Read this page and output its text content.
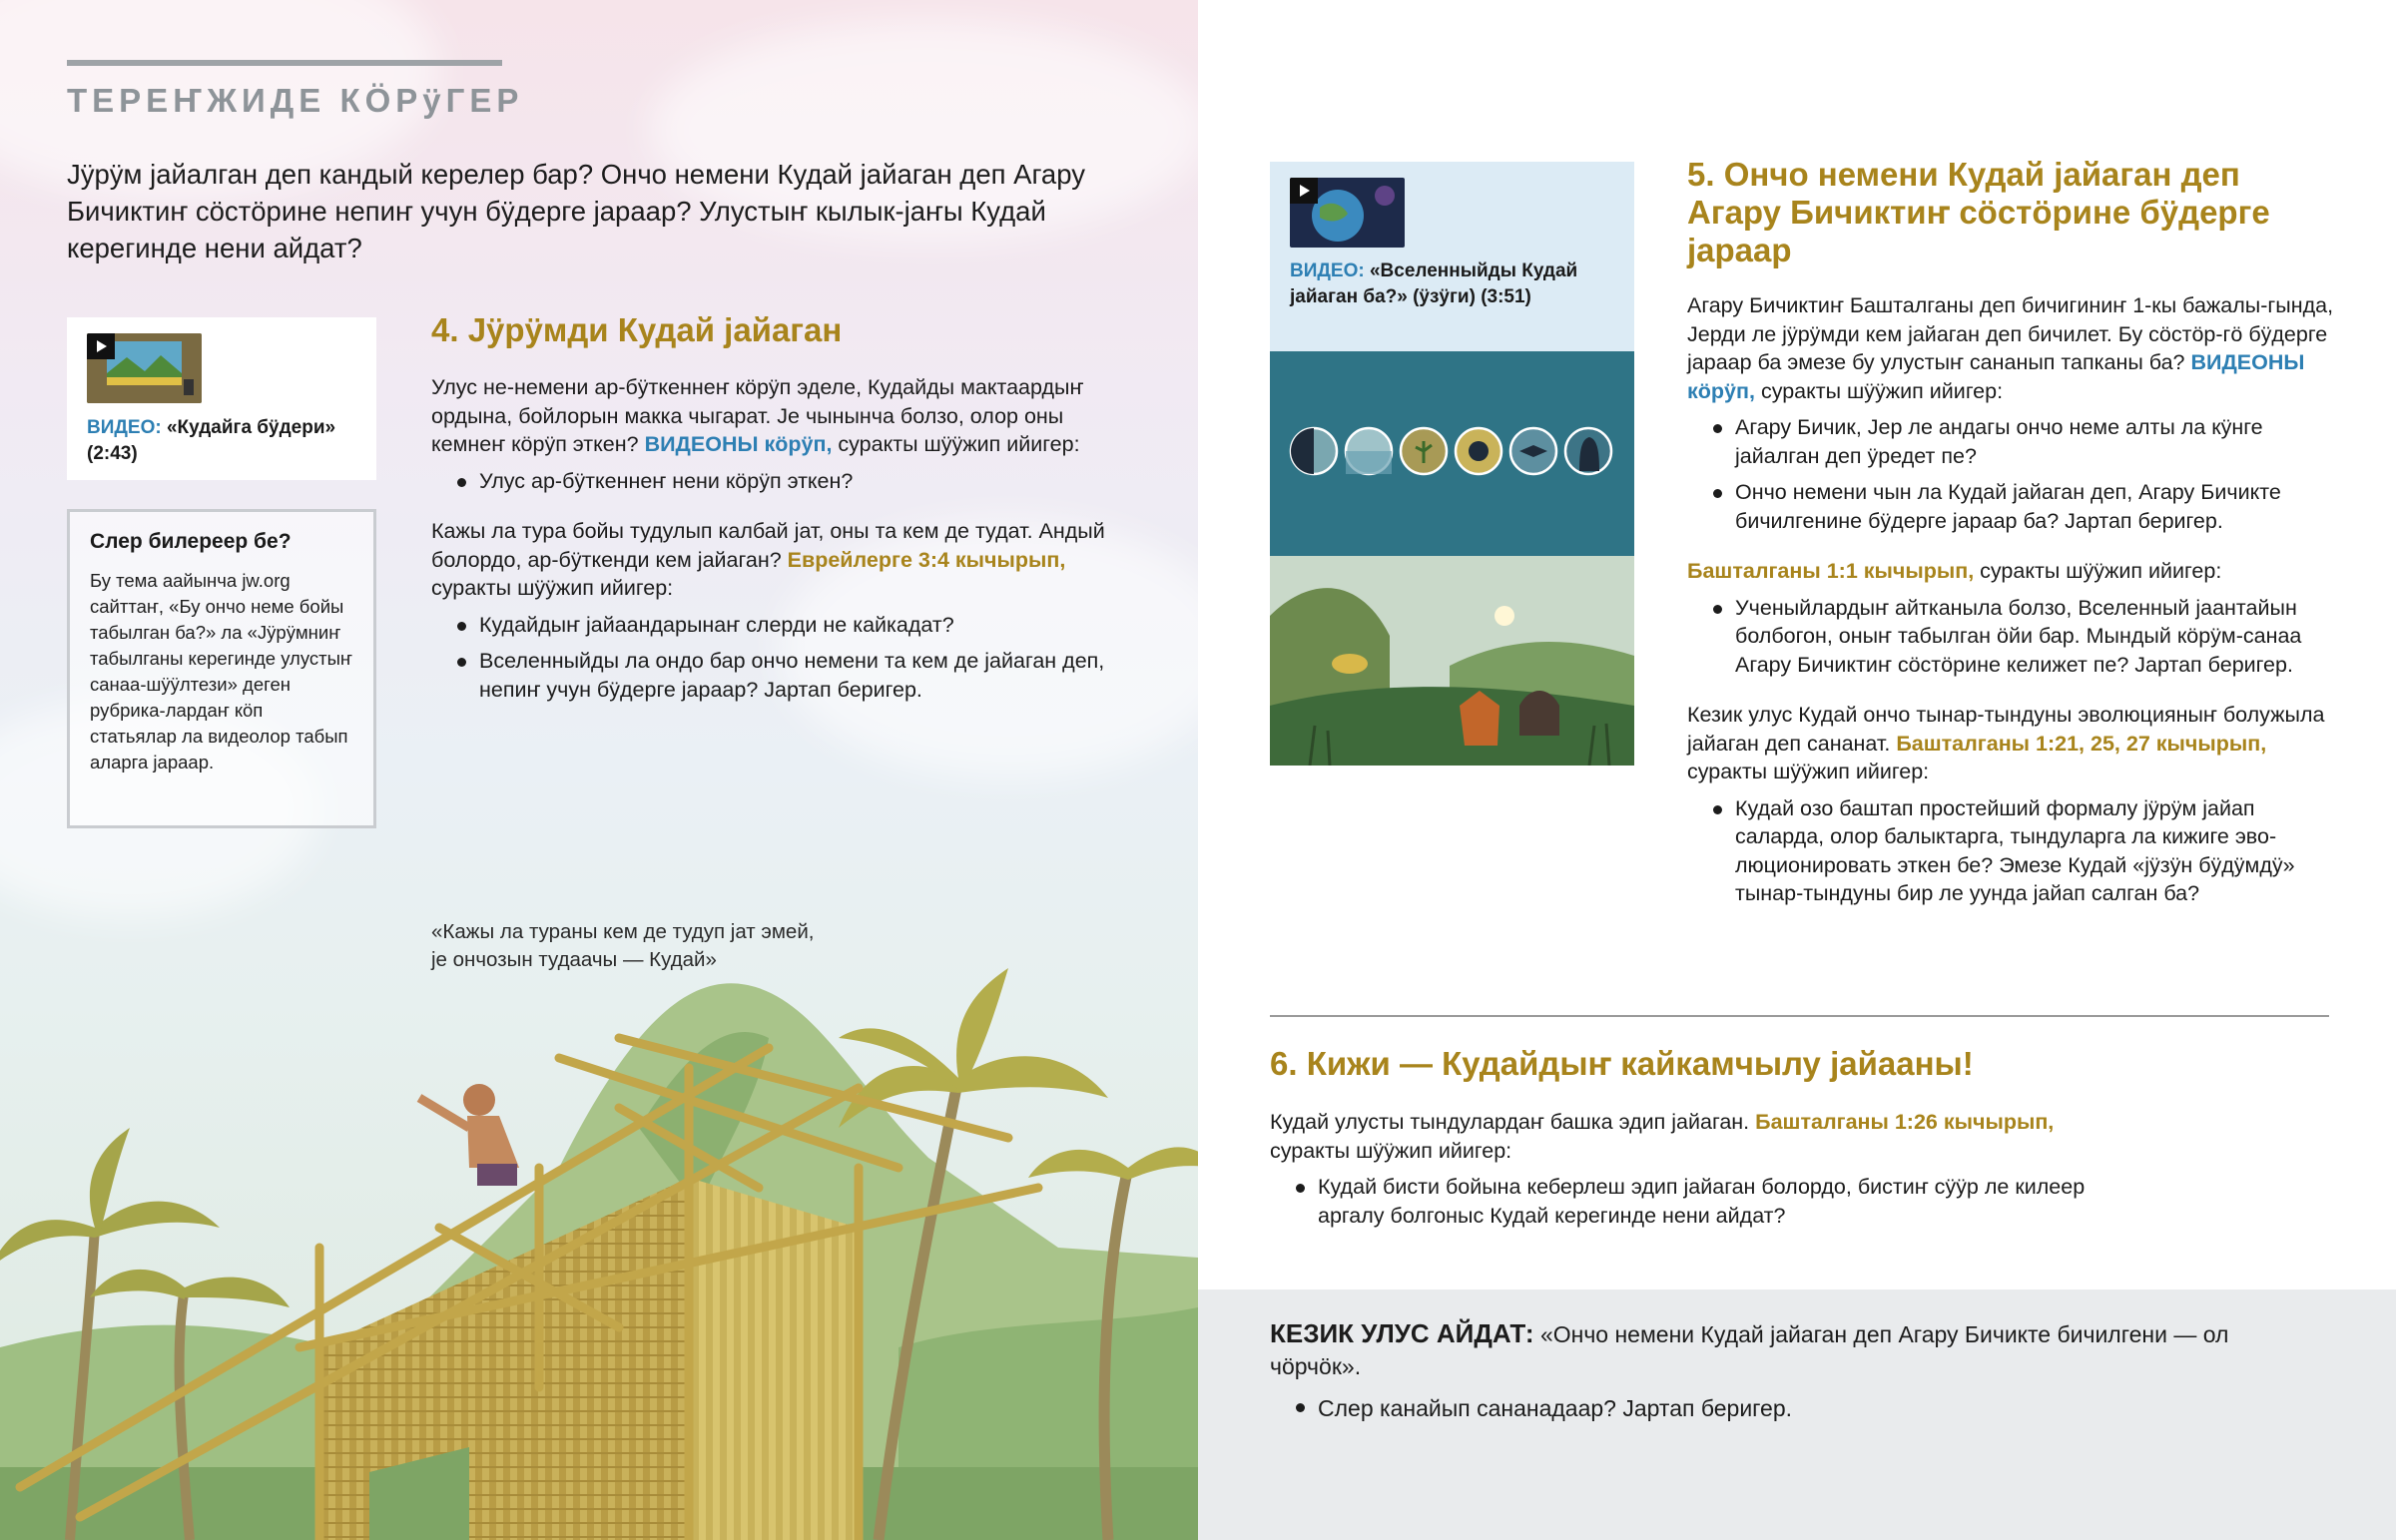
ТЕРЕҤЖИДЕ КӦРÿГЕР
Јÿрÿм јайалган деп кандый керелер бар? Ончо немени Кудай јайаган деп Агару Бичиктиҥ сӧстӧрине непиҥ учун бÿдерге јараар? Улустыҥ кылык-јаҥы Кудай керегинде нени айдат?
ВИДЕО: «Кудайга бÿдери»
(2:43)
Слер билереер бе?
Бу тема аайынча jw.org сайттаҥ, «Бу ончо неме бойы табылган ба?» ла «Јÿрÿмниҥ табылганы керегинде улустыҥ санаа-шÿÿлтези» деген рубрика-лардаҥ кӧп статьялар ла видеолор табып аларга јараар.
4. Јÿрÿмди Кудай јайаган
Улус не-немени ар-бÿткеннеҥ кӧрÿп эделе, Кудайды мактаардыҥ ордына, бойлорын макка чыгарат. Је чынынча болзо, олор оны кемнеҥ кӧрÿп эткен? ВИДЕОНЫ кӧрÿп, суракты шÿÿжип ийигер:
Улус ар-бÿткеннеҥ нени кӧрÿп эткен?
Кажы ла тура бойы тудулып калбай јат, оны та кем де тудат. Андый болордо, ар-бÿткенди кем јайаган? Еврейлерге 3:4 кычырып, суракты шÿÿжип ийигер:
Кудайдыҥ јайаандарынаҥ слерди не кайкадат?
Вселенныйды ла ондо бар ончо немени та кем де јайаган деп, непиҥ учун бÿдерге јараар? Јартап беригер.
«Кажы ла тураны кем де тудуп јат эмей,
је ончозын тудаачы — Кудай»
ВИДЕО: «Вселенныйды Кудай јайаган ба?» (ÿзÿги) (3:51)
5. Ончо немени Кудай јайаган деп Агару Бичиктиҥ сӧстӧрине бÿдерге јараар
Агару Бичиктиҥ Башталганы деп бичигиниҥ 1-кы бажалы-гында, Јерди ле јÿрÿмди кем јайаган деп бичилет. Бу сӧстӧр-гӧ бÿдерге јараар ба эмезе бу улустыҥ сананып тапканы ба? ВИДЕОНЫ кӧрÿп, суракты шÿÿжип ийигер:
Агару Бичик, Јер ле андагы ончо неме алты ла кÿнге јайалган деп ÿредет пе?
Ончо немени чын ла Кудай јайаган деп, Агару Бичикте бичилгенине бÿдерге јараар ба? Јартап беригер.
Башталганы 1:1 кычырып, суракты шÿÿжип ийигер:
Ученыйлардыҥ айтканыла болзо, Вселенный јаантайын болбогон, оныҥ табылган ӧйи бар. Мындый кӧрÿм-санаа Агару Бичиктиҥ сӧстӧрине келижет пе? Јартап беригер.
Кезик улус Кудай ончо тынар-тындуны эволюцияныҥ болужыла јайаган деп сананат. Башталганы 1:21, 25, 27 кычырып, суракты шÿÿжип ийигер:
Кудай озо баштап простейший формалу јÿрÿм јайап саларда, олор балыктарга, тындуларга ла кижиге эво-люционировать эткен бе? Эмезе Кудай «јÿзÿн бÿдÿмдÿ» тынар-тындуны бир ле уунда јайап салган ба?
6. Кижи — Кудайдыҥ кайкамчылу јайааны!
Кудай улусты тындулардаҥ башка эдип јайаган. Башталганы 1:26 кычырып, суракты шÿÿжип ийигер:
Кудай бисти бойына кеберлеш эдип јайаган болордо, бистиҥ сÿÿр ле килеер аргалу болгоныс Кудай керегинде нени айдат?
КЕЗИК УЛУС АЙДАТ: «Ончо немени Кудай јайаган деп Агару Бичикте бичилгени — ол чӧрчӧк».
Слер канайып сананадаар? Јартап беригер.
